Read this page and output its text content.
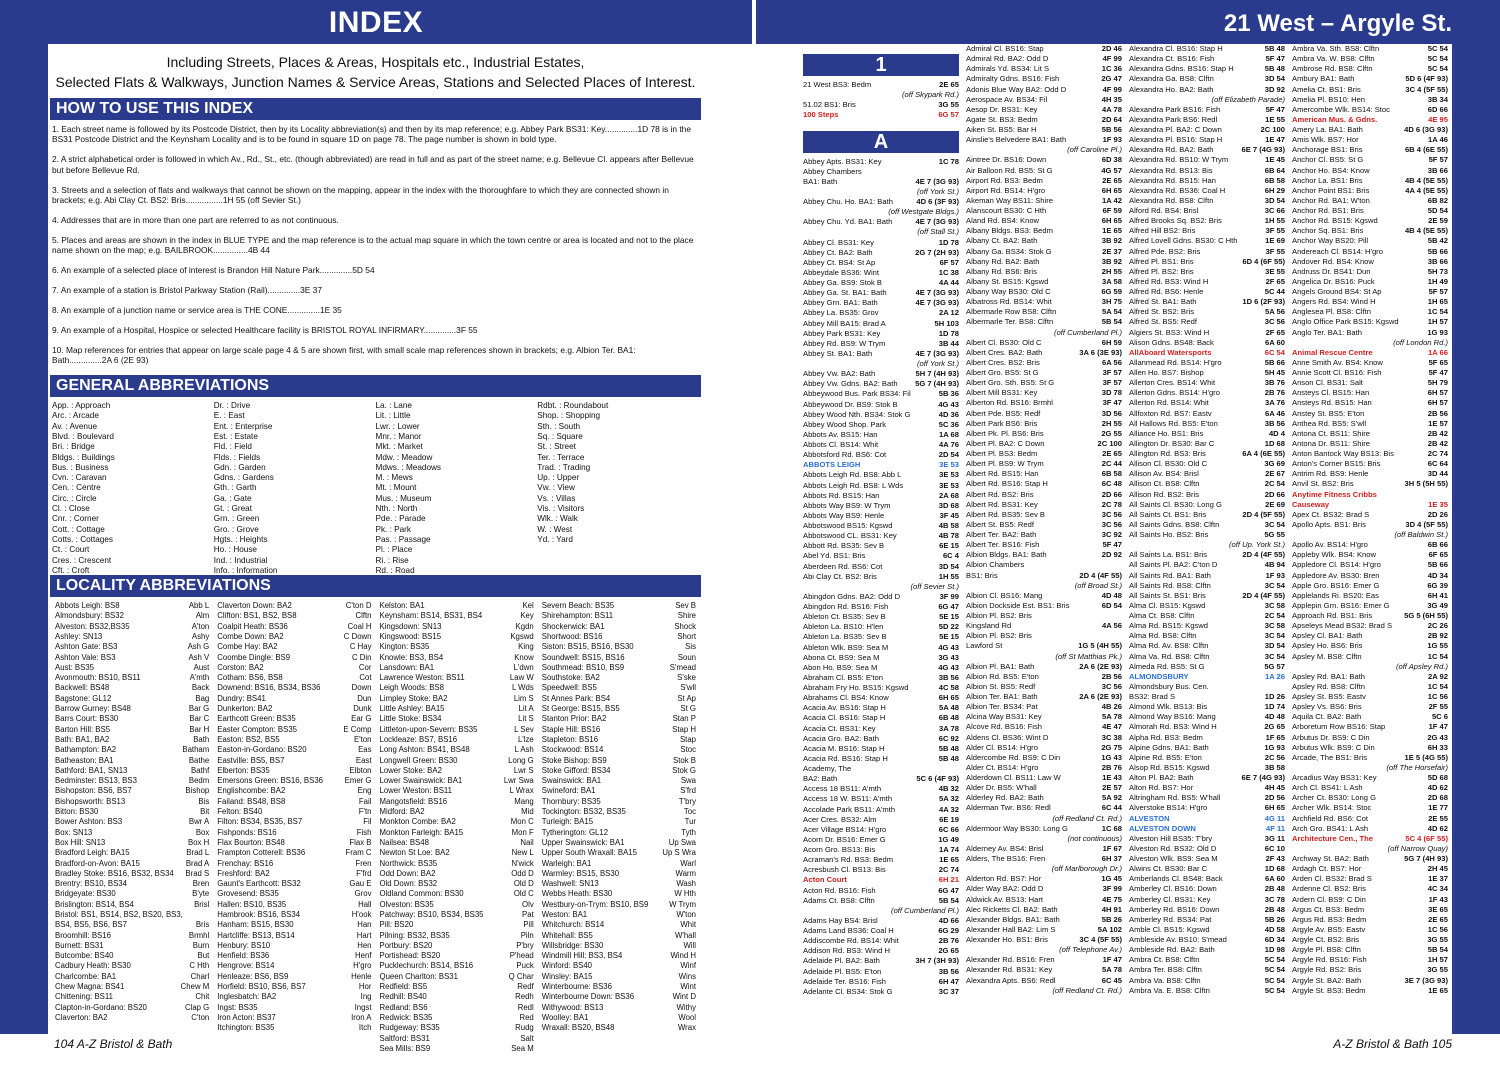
INDEX	21 West – Argyle St.
Including Streets, Places & Areas, Hospitals etc., Industrial Estates,
Selected Flats & Walkways, Junction Names & Service Areas, Stations and Selected Places of Interest.
HOW TO USE THIS INDEX

1. Each street name is followed by its Postcode District, then by its Locality abbreviation(s) and then by its map reference; e.g. Abbey Park BS31: Key..............1D 78 is in the BS31 Postcode District and the Keynsham Locality and is to be found in square 1D on page 78. The page number is shown in bold type.

2. A strict alphabetical order is followed in which Av., Rd., St., etc. (though abbreviated) are read in full and as part of the street name; e.g. Bellevue Cl. appears after Bellevue but before Bellevue Rd.

3. Streets and a selection of flats and walkways that cannot be shown on the mapping, appear in the index with the thoroughfare to which they are connected shown in brackets; e.g. Abi Clay Ct. BS2: Bris................1H 55 (off Sevier St.)

4. Addresses that are in more than one part are referred to as not continuous.

5. Places and areas are shown in the index in BLUE TYPE and the map reference is to the actual map square in which the town centre or area is located and not to the place name shown on the map; e.g. BAILBROOK...............4B 44

6. An example of a selected place of interest is Brandon Hill Nature Park..............5D 54

7. An example of a station is Bristol Parkway Station (Rail)..............3E 37

8. An example of a junction name or service area is THE CONE..............1E 35

9. An example of a Hospital, Hospice or selected Healthcare facility is BRISTOL ROYAL INFIRMARY..............3F 55

10. Map references for entries that appear on large scale page 4 & 5 are shown first, with small scale map references shown in brackets; e.g. Albion Ter. BA1: Bath..............2A 6 (2E 93)

GENERAL ABBREVIATIONS
App. : Approach
Arc. : Arcade
Av. : Avenue
Blvd. : Boulevard
Bri. : Bridge
Bldgs. : Buildings
Bus. : Business
Cvn. : Caravan
Cen. : Centre
Circ. : Circle
Cl. : Close
Cnr. : Corner
Cott. : Cottage
Cotts. : Cottages
Ct. : Court
Cres. : Crescent
Cft. : Croft
Dr. : Drive
E. : East
Ent. : Enterprise
Est. : Estate
Fld. : Field
Flds. : Fields
Gdn. : Garden
Gdns. : Gardens
Gth. : Garth
Ga. : Gate
Gt. : Great
Grn. : Green
Gro. : Grove
Hgts. : Heights
Ho. : House
Ind. : Industrial
Info. : Information
La. : Lane
Lit. : Little
Lwr. : Lower
Mnr. : Manor
Mkt. : Market
Mdw. : Meadow
Mdws. : Meadows
M. : Mews
Mt. : Mount
Mus. : Museum
Nth. : North
Pde. : Parade
Pk. : Park
Pas. : Passage
Pl. : Place
Ri. : Rise
Rd. : Road
Rdbt. : Roundabout
Shop. : Shopping
Sth. : South
Sq. : Square
St. : Street
Ter. : Terrace
Trad. : Trading
Up. : Upper
Vw. : View
Vs. : Villas
Vis. : Visitors
Wlk. : Walk
W. : West
Yd. : Yard
LOCALITY ABBREVIATIONS
Abbots Leigh: BS8	Abb L
Almondsbury: BS32	Alm
Alveston: BS32,BS35	A'ton
Ashley: SN13	Ashy
Ashton Gate: BS3	Ash G
Ashton Vale: BS3	Ash V
Aust: BS35	Aust
Avonmouth: BS10, BS11	A'mth
Backwell: BS48	Back
Bagstone: GL12	Bag
Barrow Gurney: BS48	Bar G
Barrs Court: BS30	Bar C
Barton Hill: BS5	Bar H
Bath: BA1, BA2	Bath
Bathampton: BA2	Batham
Batheaston: BA1	Bathe
Bathford: BA1, SN13	Bathf
Bedminster: BS13, BS3	Bedm
Bishopston: BS6, BS7	Bishop
Bishopsworth: BS13	Bis
Bitton: BS30	Bit
Bower Ashton: BS3	Bwr A
Box: SN13	Box
Box Hill: SN13	Box H
Bradford Leigh: BA15	Brad L
Bradford-on-Avon: BA15	Brad A
Bradley Stoke: BS16, BS32, BS34 Brad S
Brentry: BS10, BS34	Bren
Bridgeyate: BS30	B'yte
Brislington: BS14, BS4	Brisl
Bristol: BS1, BS14, BS2, BS20, BS3,
BS4, BS5, BS6, BS7	Bris
Broomhill: BS16	Brmhl
Burnett: BS31	Burn
Butcombe: BS40	But
Cadbury Heath: BS30	C Hth
Charlcombe: BA1	Charl
Chew Magna: BS41	Chew M
Chittening: BS11	Chit
Clapton-in-Gordano: BS20	Clap G
Claverton: BA2	C'ton
Claverton Down: BA2	C'ton D
Clifton: BS1, BS2, BS8	Clftn
Coalpit Heath: BS36	Coal H
Combe Down: BA2	C Down
Combe Hay: BA2	C Hay
Coombe Dingle: BS9	C Din
Corston: BA2	Cor
Cotham: BS6, BS8	Cot
Downend: BS16, BS34, BS36	Down
Dundry: BS41	Dun
Dunkerton: BA2	Dunk
Earthcott Green: BS35	Ear G
Easter Compton: BS35	E Comp
Easton: BS2, BS5	E'ton
Easton-in-Gordano: BS20	Eas
Eastville: BS5, BS7	East
Elberton: BS35	Elbton
Emersons Green: BS16, BS36	Emer G
Englishcombe: BA2	Eng
Failand: BS48, BS8	Fail
Felton: BS40	F'tn
Filton: BS34, BS35, BS7	Fil
Fishponds: BS16	Fish
Flax Bourton: BS48	Flax B
Frampton Cotterell: BS36	Fram C
Frenchay: BS16	Fren
Freshford: BA2	F'frd
Gaunt's Earthcott: BS32	Gau E
Grovesend: BS35	Grov
Hallen: BS10, BS35	Hall
Hambrook: BS16, BS34	H'ook
Hanham: BS15, BS30	Han
Hartcliffe: BS13, BS14	Hart
Henbury: BS10	Hen
Henfield: BS36	Henf
Hengrove: BS14	H'gro
Henleaze: BS6, BS9	Henle
Horfield: BS10, BS6, BS7	Hor
Inglesbatch: BA2	Ing
Ingst: BS35	Ingst
Iron Acton: BS37	Iron A
Itchington: BS35	Itch
Kelston: BA1	Kel
Keynsham: BS14, BS31, BS4	Key
Kingsdown: SN13	Kgdn
Kingswood: BS15	Kgswd
Kington: BS35	King
Knowle: BS3, BS4	Know
Lansdown: BA1	L'dwn
Lawrence Weston: BS11	Law W
Leigh Woods: BS8	L Wds
Limpley Stoke: BA2	Lim S
Little Ashley: BA15	Lit A
Little Stoke: BS34	Lit S
Littleton-upon-Severn: BS35	L Sev
Lockleaze: BS7, BS16	L'lze
Long Ashton: BS41, BS48	L Ash
Longwell Green: BS30	Long G
Lower Stoke: BA2	Lwr S
Lower Swainswick: BA1	Lwr Swa
Lower Weston: BS11	L Wrax
Mangotsfield: BS16	Mang
Midford: BA2	Mid
Monkton Combe: BA2	Mon C
Monkton Farleigh: BA15	Mon F
Nailsea: BS48	Nail
Newton St Loe: BA2	New L
Northwick: BS35	N'wick
Odd Down: BA2	Odd D
Old Down: BS32	Old D
Oldland Common: BS30	Old C
Olveston: BS35	Olv
Patchway: BS10, BS34, BS35	Pat
Pill: BS20	Pill
Pilning: BS32, BS35	Piln
Portbury: BS20	P'bry
Portishead: BS20	P'head
Pucklechurch: BS14, BS16	Puck
Queen Charlton: BS31	Q Char
Redfield: BS5	Redf
Redhill: BS40	Redh
Redland: BS6	Redl
Redwick: BS35	Red
Rudgeway: BS35	Rudg
Saltford: BS31	Salt
Sea Mills: BS9	Sea M
Severn Beach: BS35	Sev B
Shirehampton: BS11	Shire
Shockerwick: BA1	Shock
Shortwood: BS16	Short
Siston: BS15, BS16, BS30	Sis
Soundwell: BS15, BS16	Soun
Southmead: BS10, BS9	S'mead
Southstoke: BA2	S'ske
Speedwell: BS5	S'wll
St Annes Park: BS4	St Ap
St George: BS15, BS5	St G
Stanton Prior: BA2	Stan P
Staple Hill: BS16	Stap H
Stapleton: BS16	Stap
Stockwood: BS14	Stoc
Stoke Bishop: BS9	Stok B
Stoke Gifford: BS34	Stok G
Swainswick: BA1	Swa
Swineford: BA1	S'frd
Thornbury: BS35	T'bry
Tockington: BS32, BS35	Toc
Turleigh: BA15	Tur
Tytherington: GL12	Tyth
Upper Swainswick: BA1	Up Swa
Upper South Wraxall: BA15	Up S Wra
Warleigh: BA1	Warl
Warmley: BS15, BS30	Warm
Washwell: SN13	Wash
Webbs Heath: BS30	W Hth
Westbury-on-Trym: BS10, BS9	W Trym
Weston: BA1	W'ton
Whitchurch: BS14	Whit
Whitehall: BS5	W'hall
Willsbridge: BS30	Will
Windmill Hill: BS3, BS4	Wind H
Winford: BS40	Winf
Winsley: BA15	Wins
Winterbourne: BS36	Wint
Winterbourne Down: BS36	Wint D
Withywood: BS13	Withy
Woolley: BA1	Wool
Wraxall: BS20, BS48	Wrax
1
21 West BS3: Bedm	2E 65
(off Skypark Rd.)
51.02 BS1: Bris	3G 55
100 Steps	6G 57
A
Abbey Apts. BS31: Key	1C 78
Abbey Chambers
BA1: Bath	4E 7 (3G 93)
(off York St.)
Abbey Chu. Ho. BA1: Bath	4D 6 (3F 93)
(off Westgate Bldgs.)
Abbey Chu. Yd. BA1: Bath	4E 7 (3G 93)
(off Stall St.)
Abbey Cl. BS31: Key	1D 78
Abbey Ct. BA2: Bath	2G 7 (2H 93)
Abbey Ct. BS4: St Ap	6F 57
Abbeydale BS36: Wint	1C 38
Abbey Ga. BS9: Stok B	4A 44
Abbey Ga. St. BA1: Bath	4E 7 (3G 93)
Abbey Grn. BA1: Bath	4E 7 (3G 93)
Abbey La. BS35: Grov	2A 12
Abbey Mill BA15: Brad A	5H 103
Abbey Park BS31: Key	1D 78
Abbey Rd. BS9: W Trym	3B 44
Abbey St. BA1: Bath	4E 7 (3G 93)
(off York St.)
Abbey Vw. BA2: Bath	5H 7 (4H 93)
Abbey Vw. Gdns. BA2: Bath 5G 7 (4H 93)
Abbeywood Bus. Park BS34: Fil	5B 36
Abbeywood Dr. BS9: Stok B	4G 43
Abbey Wood Nth. BS34: Stok G	4D 36
Abbey Wood Shop. Park	5C 36
Abbots Av. BS15: Han	1A 68
Abbots Cl. BS14: Whit	4A 76
Abbotsford Rd. BS6: Cot	2D 54
ABBOTS LEIGH	3E 53
Abbots Leigh Rd. BS8: Abb L	3E 53
Abbots Leigh Rd. BS8: L Wds	3E 53
Abbots Rd. BS15: Han	2A 68
Abbots Way BS9: W Trym	3D 68
Abbots Way BS9: Henle	3F 45
Abbotswood BS15: Kgswd	4B 58
Abbotswood CL. BS31: Key	4B 78
Abbott Rd. BS35: Sev B	6E 15
Abel Yd. BS1: Bris	6C 4
Aberdeen Rd. BS6: Cot	3D 54
Abi Clay Ct. BS2: Bris	1H 55
(off Sevier St.)
Abingdon Gdns. BA2: Odd D	3F 99
Abingdon Rd. BS16: Fish	6G 47
Ableton Ct. BS35: Sev B	5E 15
Ableton La. BS10: H'len	5D 22
Ableton La. BS35: Sev B	5E 15
Ableton Wlk. BS9: Sea M	4G 43
Abona Ct. BS9: Sea M	3G 43
Abon Ho. BS9: Sea M	4G 43
Abraham Cl. BS5: E'ton	3B 56
Abraham Fry Ho. BS15: Kgswd	4C 58
Abrahams Cl. BS4: Know	6H 65
Acacia Av. BS16: Stap H	5A 48
Acacia Cl. BS16: Stap H	6B 48
Acacia Ct. BS31: Key	3A 78
Acacia Gro. BA2: Bath	6C 92
Acacia M. BS16: Stap H	5B 48
Acacia Rd. BS16: Stap H	5B 48
Academy, The
BA2: Bath	5C 6 (4F 93)
Access 18 BS11: A'mth	4B 32
Access 18 W. BS11: A'mth	5A 32
Accolade Park BS11: A'mth	4A 32
Acer Cres. BS32: Alm	6E 19
Acer Village BS14: H'gro	6C 66
Acorn Dr. BS16: Emer G	1G 49
Acorn Gro. BS13: Bis	1A 74
Acraman's Rd. BS3: Bedm	1E 65
Acresbush Cl. BS13: Bis	2C 74
Acton Court	6H 21
Acton Rd. BS16: Fish	6G 47
Adams Ct. BS8: Clftn	5B 54
(off Cumberland Pl.)
Adams Hay BS4: Brisl	4D 66
Adams Land BS36: Coal H	6G 29
Addiscombe Rd. BS14: Whit	2B 76
Addison Rd. BS3: Wind H	2G 65
Adelaide Pl. BA2: Bath	3H 7 (3H 93)
Adelaide Pl. BS5: E'ton	3B 56
Adelaide Ter. BS16: Fish	6H 47
Adelante Cl. BS34: Stok G	3C 37
Admiral Cl. BS16: Stap	2D 46
Admiral Rd. BA2: Odd D	4F 99
Admirals Yd. BS34: Lit S	1C 36
Admiralty Gdns. BS16: Fish	2G 47
Adonis Blue Way BA2: Odd D	4F 99
Aerospace Av. BS34: Fil	4H 35
Aesop Dr. BS31: Key	4A 78
Agate St. BS3: Bedm	2D 64
Aiken St. BS5: Bar H	5B 56
Ainslie's Belvedere BA1: Bath	1F 93
(off Caroline Pl.)
Aintree Dr. BS16: Down	6D 38
Air Balloon Rd. BS5: St G	4G 57
Airport Rd. BS3: Bedm	2E 65
Airport Rd. BS14: H'gro	6H 65
Akeman Way BS11: Shire	1A 42
Alanscourt BS30: C Hth	6F 59
Aland Rd. BS4: Know	6H 65
Albany Bldgs. BS3: Bedm	1E 65
Albany Ct. BA2: Bath	3B 92
Albany Ga. BS34: Stok G	2E 37
Albany Rd. BA2: Bath	3B 92
Albany Rd. BS6: Bris	2H 55
Albany St. BS15: Kgswd	3A 58
Albany Way BS30: Old C	6G 59
Albatross Rd. BS14: Whit	3H 75
Albermarle Row BS8: Clftn	5A 54
Albermarle Ter. BS8: Clftn	5B 54
(off Cumberland Pl.)
Albert Cl. BS30: Old C	6H 59
Albert Cres. BA2: Bath	3A 6 (3E 93)
Albert Cres. BS2: Bris	6A 56
Albert Gro. BS5: St G	3F 57
Albert Gro. Sth. BS5: St G	3F 57
Albert Mill BS31: Key	3D 78
Alberton Rd. BS16: Brmhl	3F 47
Albert Pde. BS5: Redf	3D 56
Albert Park BS6: Bris	2H 55
Albert Pk. Pl. BS6: Bris	2G 55
Albert Pl. BA2: C Down	2C 100
Albert Pl. BS3: Bedm	2E 65
Albert Pl. BS9: W Trym	2C 44
Albert Rd. BS15: Han	6B 58
Albert Rd. BS16: Stap H	6C 48
Albert Rd. BS2: Bris	2D 66
Albert Rd. BS31: Key	2C 78
Albert Rd. BS35: Sev B	3C 56
Albert St. BS5: Redf	3C 56
Albert Ter. BA2: Bath	3C 92
Albert Ter. BS16: Fish	5F 47
Albion Bldgs. BA1: Bath	2D 92
Albion Chambers
BS1: Bris	2D 4 (4F 55)
(off Broad St.)
Albion Cl. BS16: Mang	4D 48
Albion Dockside Est. BS1: Bris	6D 54
Albion Pl. BS2: Bris
Kingsland Rd	4A 56
Albion Pl. BS2: Bris
Lawford St	1G 5 (4H 55)
(off St Matthias Pk.)
Albion Pl. BA1: Bath	2A 6 (2E 93)
Albion Rd. BS5: E'ton	2B 56
Albion St. BS5: Redf	3C 56
Albion Ter. BA1: Bath	2A 6 (2E 93)
Albion Ter. BS34: Pat	4B 26
Alcina Way BS31: Key	5A 78
Alcove Rd. BS16: Fish	4E 47
Aldens Cl. BS36: Wint D	3C 38
Alder Cl. BS14: H'gro	2G 75
Aldercombe Rd. BS9: C Din	1G 43
Alder Ct. BS14: H'gro	2B 76
Alderdown Cl. BS11: Law W	1E 43
Alder Dr. BS5: W'hall	2E 57
Alderley Rd. BA2: Bath	5A 92
Alderman Twr. BS6: Redl	6C 44
(off Redland Ct. Rd.)
Aldermoor Way BS30: Long G	1C 68
(not continuous)
Alderney Av. BS4: Brisl	1F 67
Alders, The BS16: Fren	6H 37
(off Marlborough Dr.)
Alderton Rd. BS7: Hor	1G 45
Alder Way BA2: Odd D	3F 99
Aldwick Av. BS13: Hart	4E 75
Alec Ricketts Cl. BA2: Bath	4H 91
Alexander Bldgs. BA1: Bath	5B 26
Alexander Hall BA2: Lim S	5A 102
Alexander Ho. BS1: Bris	3C 4 (5F 55)
(off Telephone Av.)
Alexander Rd. BS16: Fren	1F 47
Alexander Rd. BS31: Key	5A 78
Alexandra Apts. BS6: Redl	6C 45
(off Redland Ct. Rd.)
Alexandra Cl. BS16: Stap H	5B 48
Alexandra Ct. BS16: Fish	5F 47
Alexandra Gdns. BS16: Stap H	5B 48
Alexandra Ga. BS8: Clftn	3D 54
Alexandra Ho. BA2: Bath	3D 92
(off Elizabeth Parade)
Alexandra Park BS16: Fish	5F 47
Alexandra Park BS6: Redl	1E 55
Alexandra Pl. BA2: C Down	2C 100
Alexandra Pl. BS16: Stap H	1E 47
Alexandra Rd. BA2: Bath	6E 7 (4G 93)
Alexandra Rd. BS10: W Trym	1E 45
Alexandra Rd. BS13: Bis	6B 64
Alexandra Rd. BS15: Han	6B 58
Alexandra Rd. BS36: Coal H	6H 29
Alexandra Rd. BS8: Clftn	3D 54
Alford Rd. BS4: Brisl	3C 66
Alfred Brooks Sq. BS2: Bris	1H 55
Alfred Hill BS2: Bris	3F 55
Alfred Lovell Gdns. BS30: C Hth	1E 69
Alfred Pde. BS2: Bris	3F 55
Alfred Pl. BS1: Bris	6D 4 (6F 55)
Alfred Pl. BS2: Bris	3E 55
Alfred Rd. BS3: Wind H	2F 65
Alfred Rd. BS6: Henle	5C 44
Alfred St. BA1: Bath	1D 6 (2F 93)
Alfred St. BS2: Bris	5A 56
Alfred St. BS5: Redf	3C 56
Algiers St. BS3: Wind H	2F 65
Alison Gdns. BS48: Back	6A 60
AllAboard Watersports	6C 54
Allanmead Rd. BS14: H'gro	5B 66
Allen Ho. BS7: Bishop	5H 45
Allerton Cres. BS14: Whit	3B 76
Allerton Gdns. BS14: H'gro	2B 76
Allerton Rd. BS14: Whit	3A 76
Allfoxton Rd. BS7: Eastv	6A 46
All Hallows Rd. BS5: E'ton	3B 56
Alliance Ho. BS1: Bris	4D 4
Allington Dr. BS30: Bar C	1D 68
Allington Rd. BS3: Bris	6A 4 (6E 55)
Allison Cl. BS30: Old C	3G 69
Allison Av. BS4: Brisl	2E 67
Allison Ct. BS8: Clftn	2C 54
Allison Rd. BS2: Bris	2D 66
All Saints Cl. BS30: Long G	2E 69
All Saints Ct. BS1: Bris	2D 4 (5F 55)
All Saints Gdns. BS8: Clftn	3C 54
All Saints Ho. BS2: Bris	5G 55
(off Up. York St.)
All Saints La. BS1: Bris	2D 4 (4F 55)
All Saints Pl. BA2: C'ton D	4B 94
All Saints Rd. BA1: Bath	1F 93
All Saints Rd. BS8: Clftn	3C 54
All Saints St. BS1: Bris	2D 4 (4F 55)
Alma Cl. BS15: Kgswd	3C 58
Alma Ct. BS8: Clftn	2C 54
Alma Rd. BS15: Kgswd	3C 58
Alma Rd. BS8: Clftn	3C 54
Alma Rd. Av. BS8: Clftn	3D 54
Alma Va. Rd. BS8: Clftn	3C 54
Almeda Rd. BS5: St G	5G 57
ALMONDSBURY	1A 26
Almondsbury Bus. Cen.
BS32: Brad S	1D 26
Almond Wlk. BS13: Bis	1D 74
Almond Way BS16: Mang	4D 48
Almorah Rd. BS3: Wind H	2G 65
Alpha Rd. BS3: Bedm	1F 65
Alpine Gdns. BA1: Bath	1G 93
Alpine Rd. BS5: E'ton	2C 56
Alsop Rd. BS15: Kgswd	3B 58
Alton Pl. BA2: Bath	6E 7 (4G 93)
Alton Rd. BS7: Hor	4H 45
Altringham Rd. BS5: W'hall	2D 56
Alverstoke BS14: H'gro	6H 65
ALVESTON	4G 11
ALVESTON DOWN	4F 11
Alveston Hill BS35: T'bry	3G 11
Alveston Rd. BS32: Old D	6C 10
Alveston Wlk. BS9: Sea M	2F 43
Alwins Ct. BS30: Bar C	1D 68
Amberlands Cl. BS48: Back	6A 60
Amberley Cl. BS16: Down	2B 48
Amberley Cl. BS31: Key	3C 78
Amberley Rd. BS16: Down	2B 48
Amberley Rd. BS34: Pat	5B 26
Amble Cl. BS15: Kgswd	4D 58
Ambleside Av. BS10: S'mead	6D 34
Ambleside Rd. BA2: Bath	1D 98
Ambra Ct. BS8: Clftn	5C 54
Ambra Ter. BS8: Clftn	5C 54
Ambra Va. BS8: Clftn	5C 54
Ambra Va. E. BS8: Clftn	5C 54
Ambra Va. Sth. BS8: Clftn	5C 54
Ambra Va. W. BS8: Clftn	5C 54
Ambrose Rd. BS8: Clftn	5C 54
Ambury BA1: Bath	5D 6 (4F 93)
Amelia Ct. BS1: Bris	3C 4 (5F 55)
Amelia Pl. BS10: Hen	3B 34
Amercombe Wlk. BS14: Stoc	6D 66
American Mus. & Gdns.	4E 95
Amery La. BA1: Bath	4D 6 (3G 93)
Amis Wlk. BS7: Hor	1A 46
Anchorage BS1: Bris	6B 4 (6E 55)
Anchor Cl. BS5: St G	5F 57
Anchor Ho. BS4: Know	3B 66
Anchor La. BS1: Bris	4B 4 (5E 55)
Anchor Point BS1: Bris	4A 4 (5E 55)
Anchor Rd. BA1: W'ton	6B 82
Anchor Rd. BS1: Bris	5D 54
Anchor Rd. BS15: Kgswd	2E 59
Anchor Sq. BS1: Bris	4B 4 (5E 55)
Anchor Way BS20: Pill	5B 42
Andereach Cl. BS14: H'gro	5B 66
Andover Rd. BS4: Know	3B 66
Andruss Dr. BS41: Dun	5H 73
Angelica Dr. BS16: Puck	1H 49
Angels Ground BS4: St Ap	5F 57
Angers Rd. BS4: Wind H	1H 65
Anglesea Pl. BS8: Clftn	1C 54
Anglo Office Park BS15: Kgswd	1H 57
Anglo Ter. BA1: Bath	1G 93
(off London Rd.)
Animal Rescue Centre	1A 66
Anne Smith Av. BS4: Know	5F 65
Annie Scott Cl. BS16: Fish	5F 47
Anson Cl. BS31: Salt	5H 79
Ansteys Cl. BS15: Han	6H 57
Ansteys Rd. BS15: Han	6H 57
Anstey St. BS5: E'ton	2B 56
Anthea Rd. BS5: S'wll	1E 57
Antona Ct. BS11: Shire	2B 42
Antona Dr. BS11: Shire	2B 42
Anton Bantock Way BS13: Bis	2C 74
Anton's Corner BS15: Bris	6C 64
Antrim Rd. BS9: Henle	3D 44
Anvil St. BS2: Bris	3H 5 (5H 55)
Anytime Fitness Cribbs
Causeway	1E 35
Apex Ct. BS32: Brad S	2D 26
Apollo Apts. BS1: Bris	3D 4 (5F 55)
(off Baldwin St.)
Apollo Av. BS14: H'gro	6B 66
Appleby Wlk. BS4: Know	6F 65
Appledore Cl. BS14: H'gro	5B 66
Appledore Av. BS30: Bren	4D 34
Apple Gro. BS16: Emer G	6G 39
Applelands Ri. BS20: Eas	6H 41
Applepin Grn. BS16: Emer G	3G 49
Approach Rd. BS1: Bris	5G 5 (6H 55)
Apseleys Mead BS32: Brad S	2C 26
Apsley Cl. BA1: Bath	2B 92
Apsley Ho. BS6: Bris	1G 55
Apsley M. BS8: Clftn	1C 54
(off Apsley Rd.)
Apsley Rd. BA1: Bath	2A 92
Apsley Rd. BS8: Clftn	1C 54
Apsley St. BS5: Eastv	1C 56
Apsley Vs. BS6: Bris	2F 55
Aquila Ct. BA2: Bath	5C 6
Arboretum Row BS16: Stap	1F 47
Arbutus Dr. BS9: C Din	2G 43
Arbutus Wlk. BS9: C Din	6H 33
Arcade, The BS1: Bris	1E 5 (4G 55)
(off The Horsefair)
Arcadius Way BS31: Key	5D 68
Arch Cl. BS41: L Ash	4D 62
Archer Ct. BS30: Long G	2D 68
Archer Wlk. BS14: Stoc	1E 77
Archfield Rd. BS6: Cot	2E 55
Arch Gro. BS41: L Ash	4D 62
Architecture Cen., The	5C 4 (6F 55)
(off Narrow Quay)
Archway St. BA2: Bath	5G 7 (4H 93)
Ardagh Ct. BS7: Hor	2H 45
Arden Cl. BS32: Brad S	1E 37
Ardenne Cl. BS2: Bris	4C 34
Ardern Cl. BS9: C Din	1F 43
Argus Ct. BS3: Bedm	3E 65
Argus Rd. BS3: Bedm	2E 65
Argyle Av. BS5: Eastv	1C 56
Argyle Ct. BS2: Bris	3G 55
Argyle Pl. BS8: Clftn	5B 54
Argyle Rd. BS16: Fish	1H 57
Argyle Rd. BS2: Bris	3G 55
Argyle St. BA2: Bath	3E 7 (3G 93)
Argyle St. BS3: Bedm	1E 65
104 A-Z Bristol & Bath	A-Z Bristol & Bath 105
